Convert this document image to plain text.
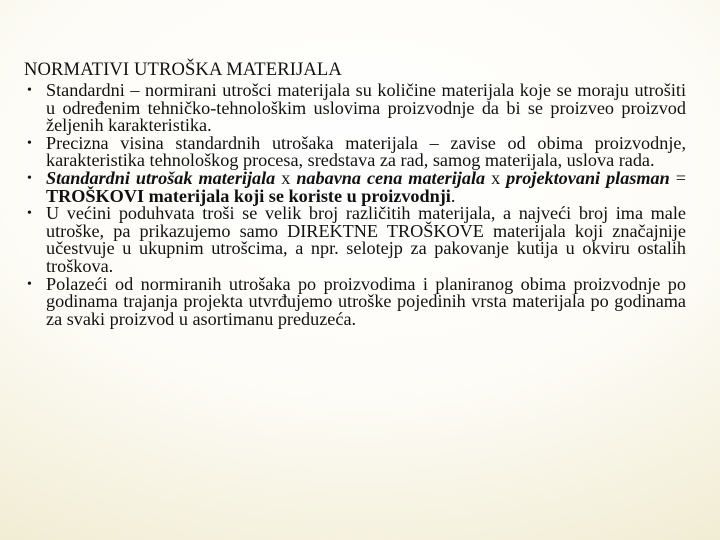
NORMATIVI UTROŠKA MATERIJALA

• Standardni – normirani utrošci materijala su količine materijala koje se moraju utrošiti u određenim tehničko-tehnološkim uslovima proizvodnje da bi se proizveo proizvod željenih karakteristika.
• Precizna visina standardnih utrošaka materijala – zavise od obima proizvodnje, karakteristika tehnološkog procesa, sredstava za rad, samog materijala, uslova rada.
• Standardni utrošak materijala x nabavna cena materijala x projektovani plasman = TROŠKOVI materijala koji se koriste u proizvodnji.
• U većini poduhvata troši se velik broj različitih materijala, a najveći broj ima male utroške, pa prikazujemo samo DIREKTNE TROŠKOVE materijala koji značajnije učestvuje u ukupnim utrošcima, a npr. selotejp za pakovanje kutija u okviru ostalih troškova.
• Polazeći od normiranih utrošaka po proizvodima i planiranog obima proizvodnje po godinama trajanja projekta utvrđujemo utroške pojedinih vrsta materijala po godinama za svaki proizvod u asortimanu preduzeća.
